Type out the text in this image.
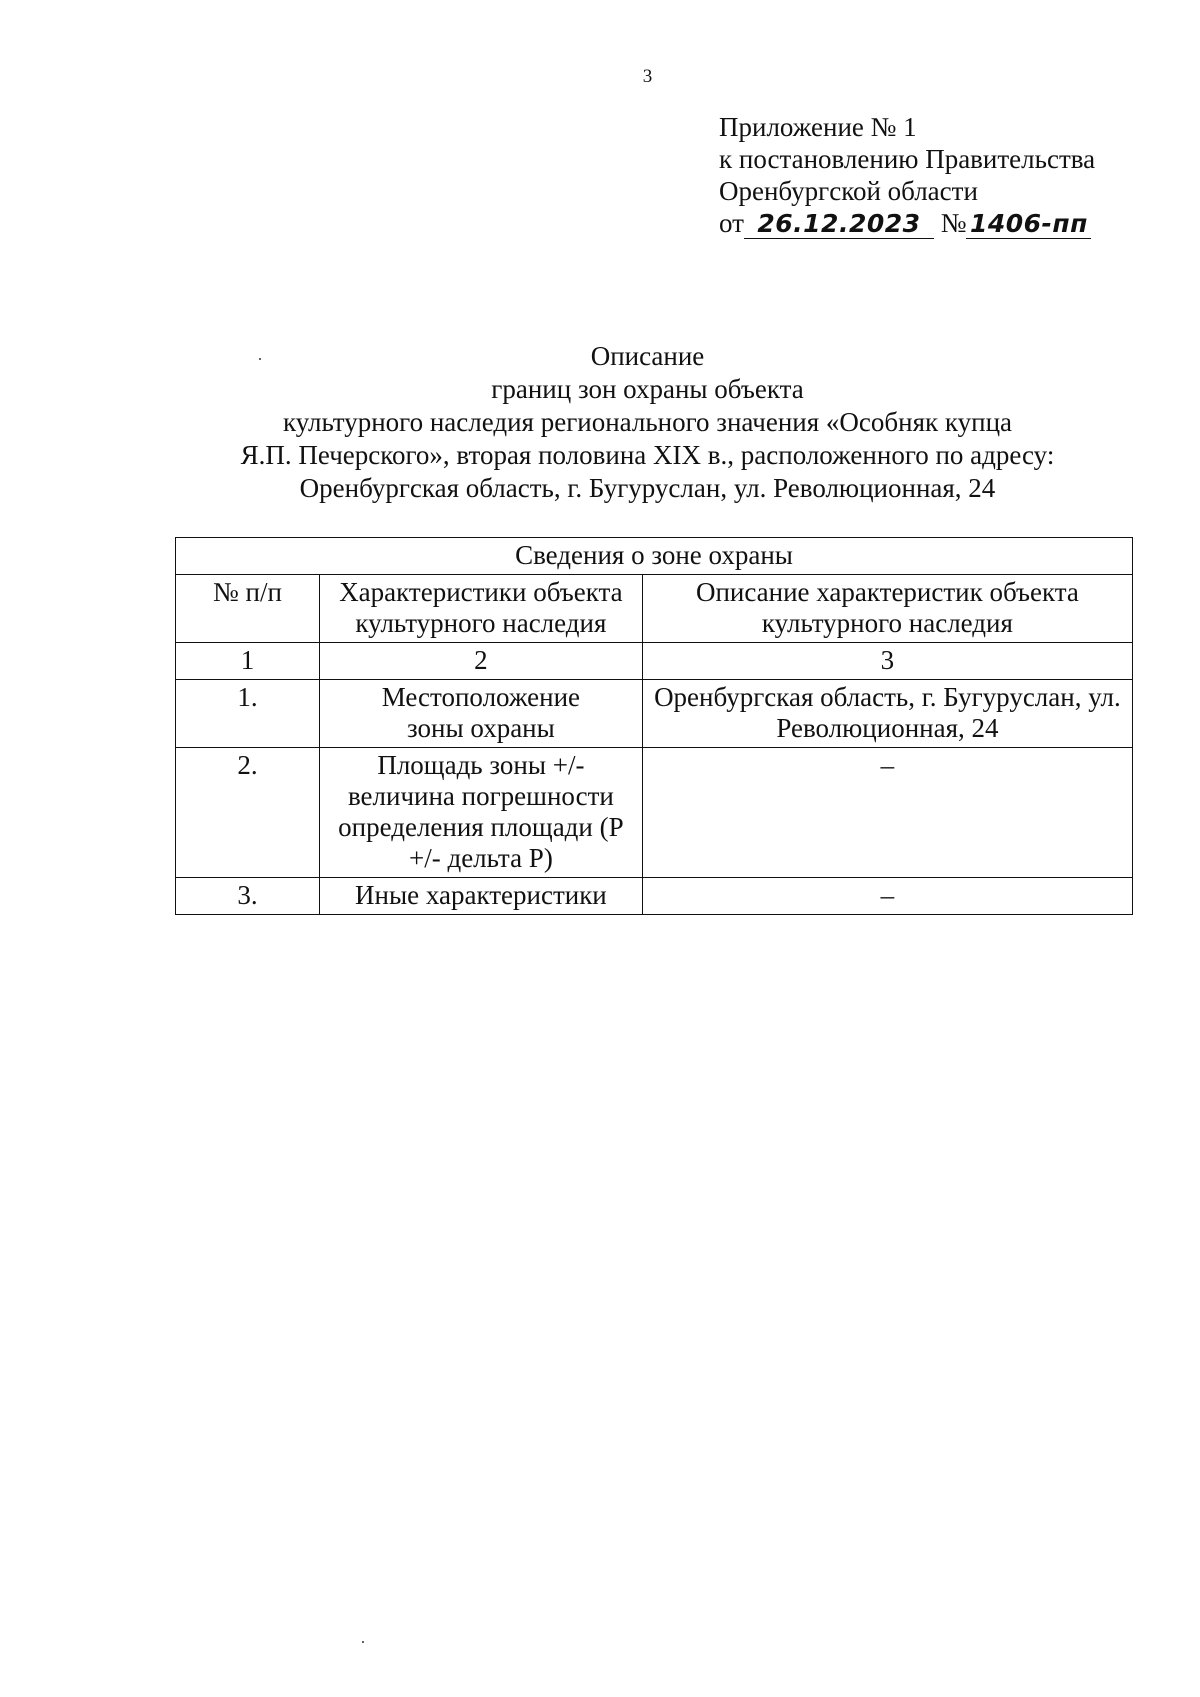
3
Приложение № 1
к постановлению Правительства
Оренбургской области
от 26.12.2023 № 1406-пп
Описание
границ зон охраны объекта
культурного наследия регионального значения «Особняк купца
Я.П. Печерского», вторая половина XIX в., расположенного по адресу:
Оренбургская область, г. Бугуруслан, ул. Революционная, 24
Сведения о зоне охраны		
№ п/п	Характеристики объекта культурного наследия	Описание характеристик объекта культурного наследия
1	2	3
1.	Местоположение зоны охраны	Оренбургская область, г. Бугуруслан, ул. Революционная, 24
2.	Площадь зоны +/- величина погрешности определения площади (Р +/- дельта Р)	–
3.	Иные характеристики	–
